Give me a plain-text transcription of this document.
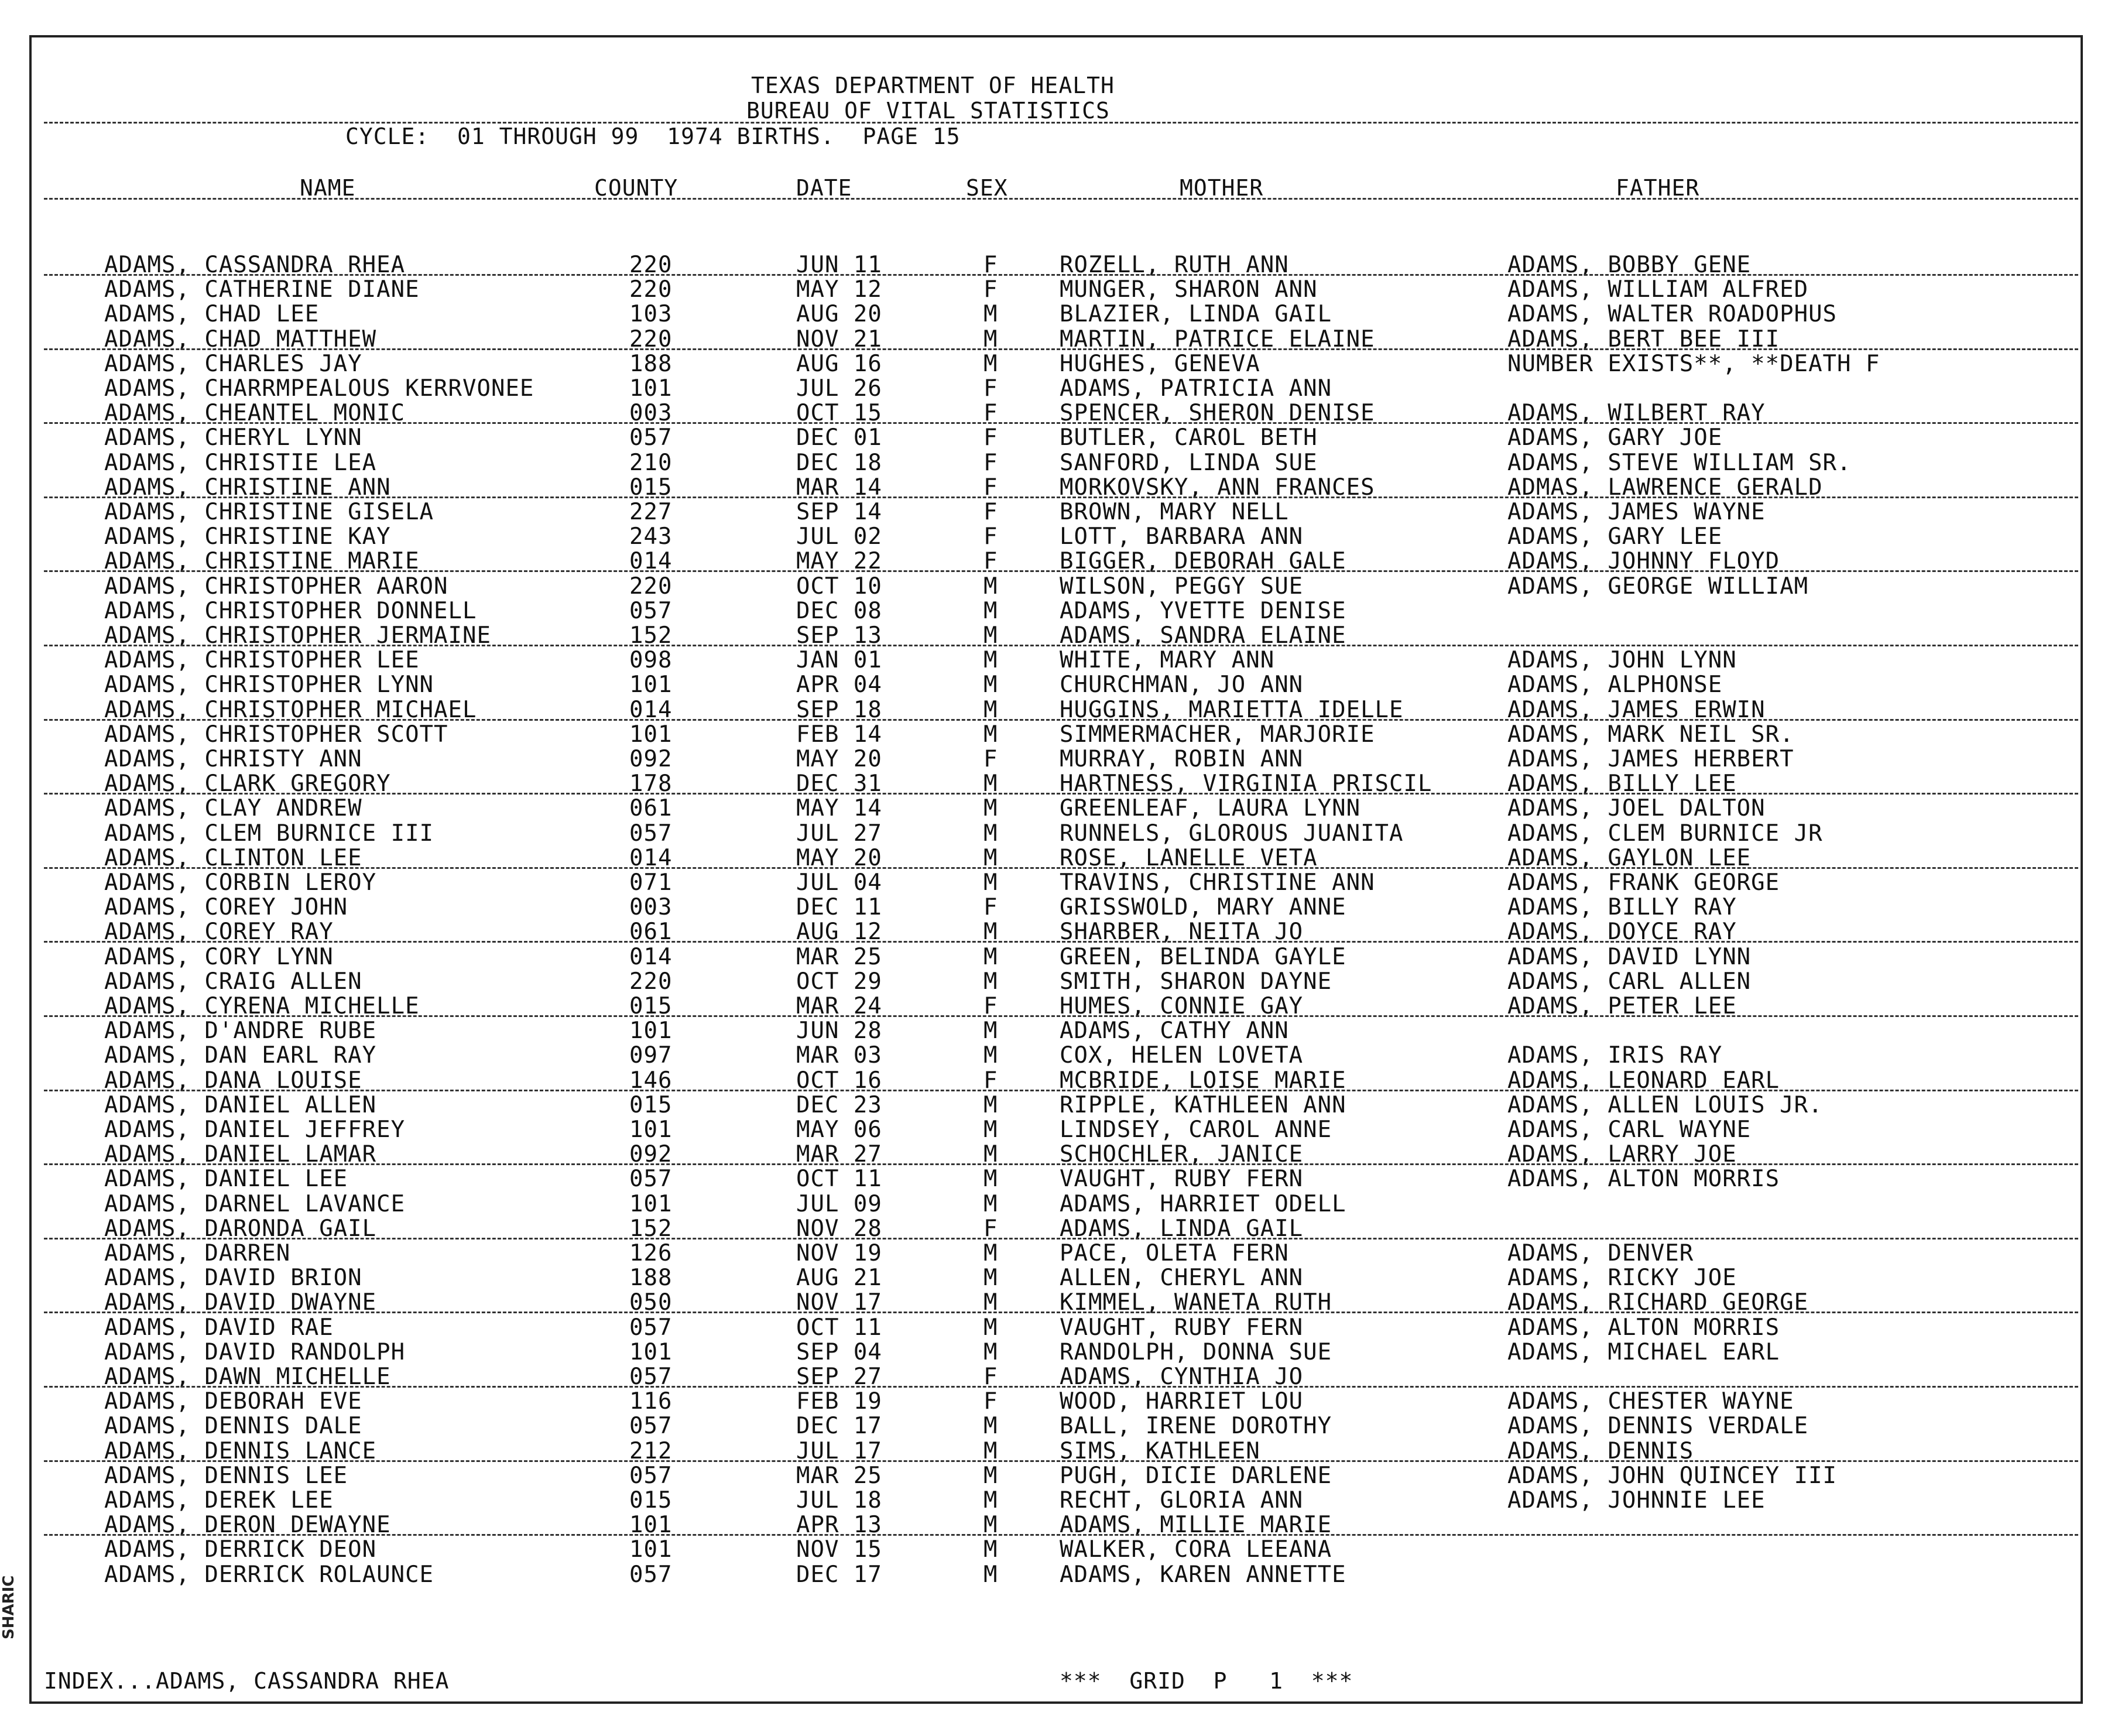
TEXAS DEPARTMENT OF HEALTH
BUREAU OF VITAL STATISTICS
CYCLE:  01 THROUGH 99  1974 BIRTHS.  PAGE 15
NAME	COUNTY	DATE	SEX	MOTHER	FATHER
ADAMS, CASSANDRA RHEA	220	JUN 11	F	ROZELL, RUTH ANN	ADAMS, BOBBY GENE
ADAMS, CATHERINE DIANE	220	MAY 12	F	MUNGER, SHARON ANN	ADAMS, WILLIAM ALFRED
ADAMS, CHAD LEE	103	AUG 20	M	BLAZIER, LINDA GAIL	ADAMS, WALTER ROADOPHUS
ADAMS, CHAD MATTHEW	220	NOV 21	M	MARTIN, PATRICE ELAINE	ADAMS, BERT BEE III
ADAMS, CHARLES JAY	188	AUG 16	M	HUGHES, GENEVA	NUMBER EXISTS**, **DEATH F
ADAMS, CHARRMPEALOUS KERRVONEE	101	JUL 26	F	ADAMS, PATRICIA ANN
ADAMS, CHEANTEL MONIC	003	OCT 15	F	SPENCER, SHERON DENISE	ADAMS, WILBERT RAY
ADAMS, CHERYL LYNN	057	DEC 01	F	BUTLER, CAROL BETH	ADAMS, GARY JOE
ADAMS, CHRISTIE LEA	210	DEC 18	F	SANFORD, LINDA SUE	ADAMS, STEVE WILLIAM SR.
ADAMS, CHRISTINE ANN	015	MAR 14	F	MORKOVSKY, ANN FRANCES	ADMAS, LAWRENCE GERALD
ADAMS, CHRISTINE GISELA	227	SEP 14	F	BROWN, MARY NELL	ADAMS, JAMES WAYNE
ADAMS, CHRISTINE KAY	243	JUL 02	F	LOTT, BARBARA ANN	ADAMS, GARY LEE
ADAMS, CHRISTINE MARIE	014	MAY 22	F	BIGGER, DEBORAH GALE	ADAMS, JOHNNY FLOYD
ADAMS, CHRISTOPHER AARON	220	OCT 10	M	WILSON, PEGGY SUE	ADAMS, GEORGE WILLIAM
ADAMS, CHRISTOPHER DONNELL	057	DEC 08	M	ADAMS, YVETTE DENISE
ADAMS, CHRISTOPHER JERMAINE	152	SEP 13	M	ADAMS, SANDRA ELAINE
ADAMS, CHRISTOPHER LEE	098	JAN 01	M	WHITE, MARY ANN	ADAMS, JOHN LYNN
ADAMS, CHRISTOPHER LYNN	101	APR 04	M	CHURCHMAN, JO ANN	ADAMS, ALPHONSE
ADAMS, CHRISTOPHER MICHAEL	014	SEP 18	M	HUGGINS, MARIETTA IDELLE	ADAMS, JAMES ERWIN
ADAMS, CHRISTOPHER SCOTT	101	FEB 14	M	SIMMERMACHER, MARJORIE	ADAMS, MARK NEIL SR.
ADAMS, CHRISTY ANN	092	MAY 20	F	MURRAY, ROBIN ANN	ADAMS, JAMES HERBERT
ADAMS, CLARK GREGORY	178	DEC 31	M	HARTNESS, VIRGINIA PRISCIL	ADAMS, BILLY LEE
ADAMS, CLAY ANDREW	061	MAY 14	M	GREENLEAF, LAURA LYNN	ADAMS, JOEL DALTON
ADAMS, CLEM BURNICE III	057	JUL 27	M	RUNNELS, GLOROUS JUANITA	ADAMS, CLEM BURNICE JR
ADAMS, CLINTON LEE	014	MAY 20	M	ROSE, LANELLE VETA	ADAMS, GAYLON LEE
ADAMS, CORBIN LEROY	071	JUL 04	M	TRAVINS, CHRISTINE ANN	ADAMS, FRANK GEORGE
ADAMS, COREY JOHN	003	DEC 11	F	GRISSWOLD, MARY ANNE	ADAMS, BILLY RAY
ADAMS, COREY RAY	061	AUG 12	M	SHARBER, NEITA JO	ADAMS, DOYCE RAY
ADAMS, CORY LYNN	014	MAR 25	M	GREEN, BELINDA GAYLE	ADAMS, DAVID LYNN
ADAMS, CRAIG ALLEN	220	OCT 29	M	SMITH, SHARON DAYNE	ADAMS, CARL ALLEN
ADAMS, CYRENA MICHELLE	015	MAR 24	F	HUMES, CONNIE GAY	ADAMS, PETER LEE
ADAMS, D'ANDRE RUBE	101	JUN 28	M	ADAMS, CATHY ANN
ADAMS, DAN EARL RAY	097	MAR 03	M	COX, HELEN LOVETA	ADAMS, IRIS RAY
ADAMS, DANA LOUISE	146	OCT 16	F	MCBRIDE, LOISE MARIE	ADAMS, LEONARD EARL
ADAMS, DANIEL ALLEN	015	DEC 23	M	RIPPLE, KATHLEEN ANN	ADAMS, ALLEN LOUIS JR.
ADAMS, DANIEL JEFFREY	101	MAY 06	M	LINDSEY, CAROL ANNE	ADAMS, CARL WAYNE
ADAMS, DANIEL LAMAR	092	MAR 27	M	SCHOCHLER, JANICE	ADAMS, LARRY JOE
ADAMS, DANIEL LEE	057	OCT 11	M	VAUGHT, RUBY FERN	ADAMS, ALTON MORRIS
ADAMS, DARNEL LAVANCE	101	JUL 09	M	ADAMS, HARRIET ODELL
ADAMS, DARONDA GAIL	152	NOV 28	F	ADAMS, LINDA GAIL
ADAMS, DARREN	126	NOV 19	M	PACE, OLETA FERN	ADAMS, DENVER
ADAMS, DAVID BRION	188	AUG 21	M	ALLEN, CHERYL ANN	ADAMS, RICKY JOE
ADAMS, DAVID DWAYNE	050	NOV 17	M	KIMMEL, WANETA RUTH	ADAMS, RICHARD GEORGE
ADAMS, DAVID RAE	057	OCT 11	M	VAUGHT, RUBY FERN	ADAMS, ALTON MORRIS
ADAMS, DAVID RANDOLPH	101	SEP 04	M	RANDOLPH, DONNA SUE	ADAMS, MICHAEL EARL
ADAMS, DAWN MICHELLE	057	SEP 27	F	ADAMS, CYNTHIA JO
ADAMS, DEBORAH EVE	116	FEB 19	F	WOOD, HARRIET LOU	ADAMS, CHESTER WAYNE
ADAMS, DENNIS DALE	057	DEC 17	M	BALL, IRENE DOROTHY	ADAMS, DENNIS VERDALE
ADAMS, DENNIS LANCE	212	JUL 17	M	SIMS, KATHLEEN	ADAMS, DENNIS
ADAMS, DENNIS LEE	057	MAR 25	M	PUGH, DICIE DARLENE	ADAMS, JOHN QUINCEY III
ADAMS, DEREK LEE	015	JUL 18	M	RECHT, GLORIA ANN	ADAMS, JOHNNIE LEE
ADAMS, DERON DEWAYNE	101	APR 13	M	ADAMS, MILLIE MARIE
ADAMS, DERRICK DEON	101	NOV 15	M	WALKER, CORA LEEANA
ADAMS, DERRICK ROLAUNCE	057	DEC 17	M	ADAMS, KAREN ANNETTE
INDEX...ADAMS, CASSANDRA RHEA	***  GRID  P   1  ***
SHARIC
